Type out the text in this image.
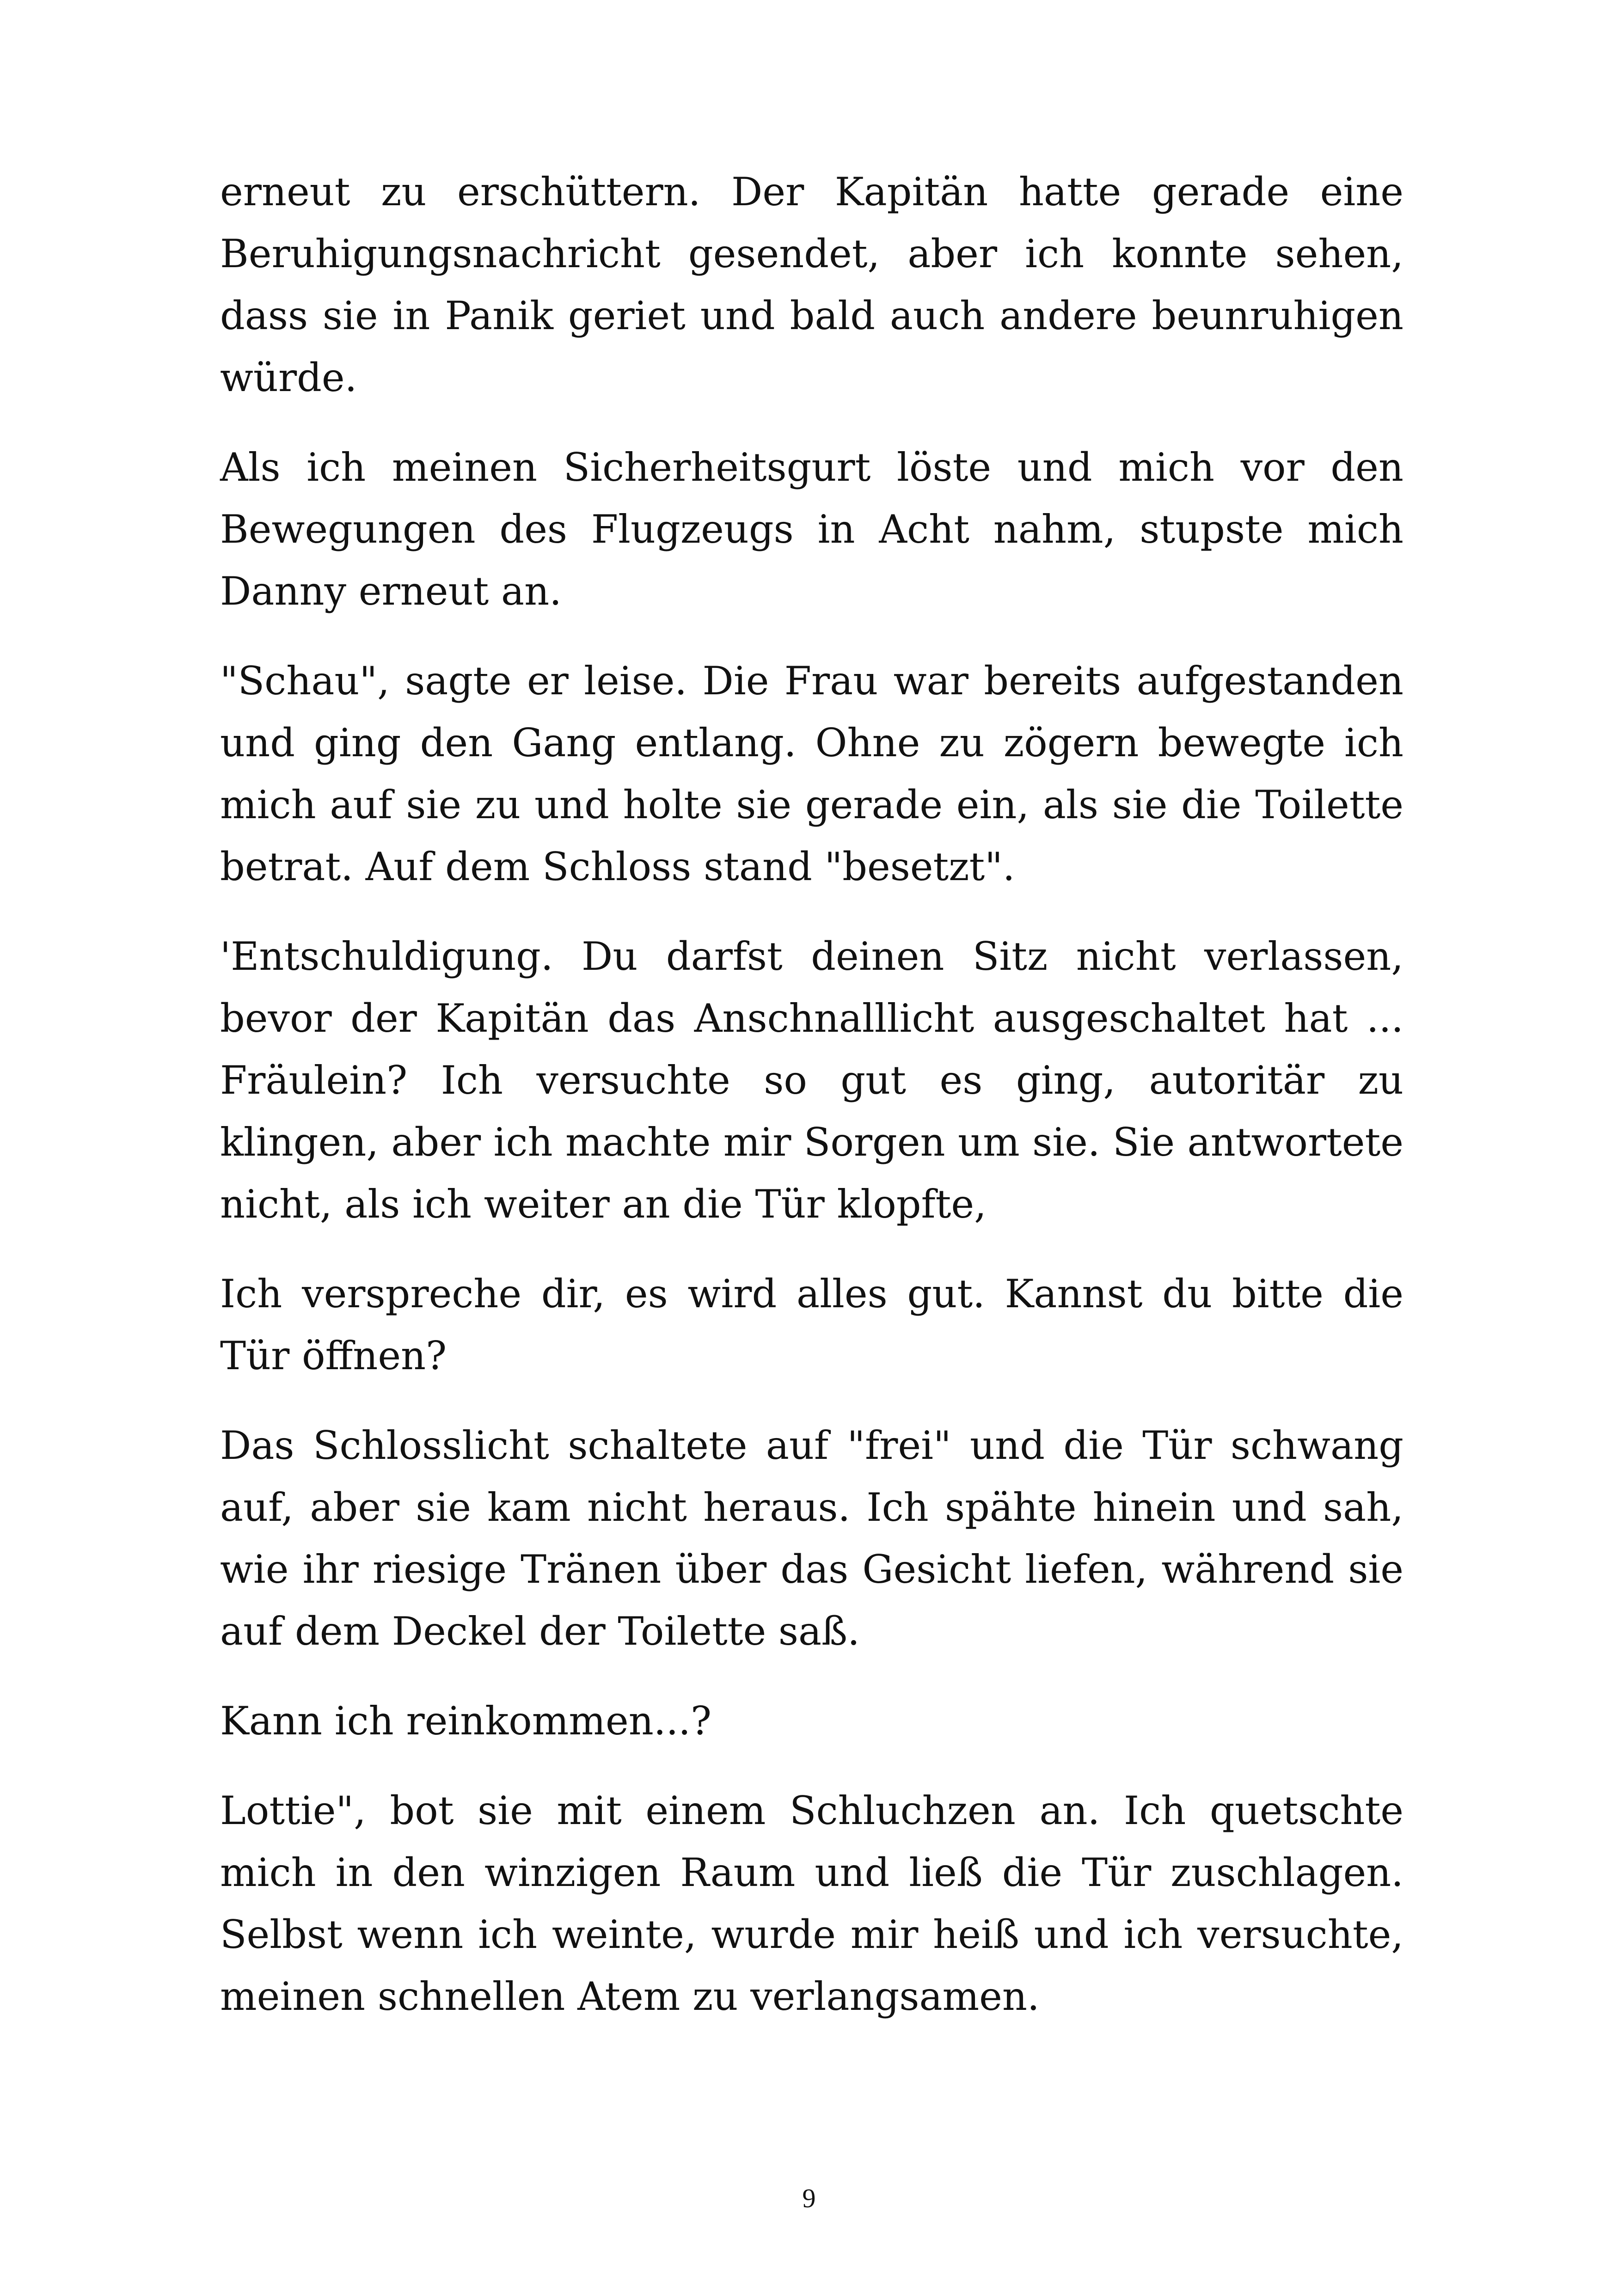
erneut zu erschüttern. Der Kapitän hatte gerade eine Beruhigungsnachricht gesendet, aber ich konnte sehen, dass sie in Panik geriet und bald auch andere beunruhigen würde.

Als ich meinen Sicherheitsgurt löste und mich vor den Bewegungen des Flugzeugs in Acht nahm, stupste mich Danny erneut an.

"Schau", sagte er leise. Die Frau war bereits aufgestanden und ging den Gang entlang. Ohne zu zögern bewegte ich mich auf sie zu und holte sie gerade ein, als sie die Toilette betrat. Auf dem Schloss stand "besetzt".

'Entschuldigung. Du darfst deinen Sitz nicht verlassen, bevor der Kapitän das Anschnalllicht ausgeschaltet hat ... Fräulein? Ich versuchte so gut es ging, autoritär zu klingen, aber ich machte mir Sorgen um sie. Sie antwortete nicht, als ich weiter an die Tür klopfte,

Ich verspreche dir, es wird alles gut. Kannst du bitte die Tür öffnen?

Das Schlosslicht schaltete auf "frei" und die Tür schwang auf, aber sie kam nicht heraus. Ich spähte hinein und sah, wie ihr riesige Tränen über das Gesicht liefen, während sie auf dem Deckel der Toilette saß.

Kann ich reinkommen...?

Lottie", bot sie mit einem Schluchzen an. Ich quetschte mich in den winzigen Raum und ließ die Tür zuschlagen. Selbst wenn ich weinte, wurde mir heiß und ich versuchte, meinen schnellen Atem zu verlangsamen.

9
